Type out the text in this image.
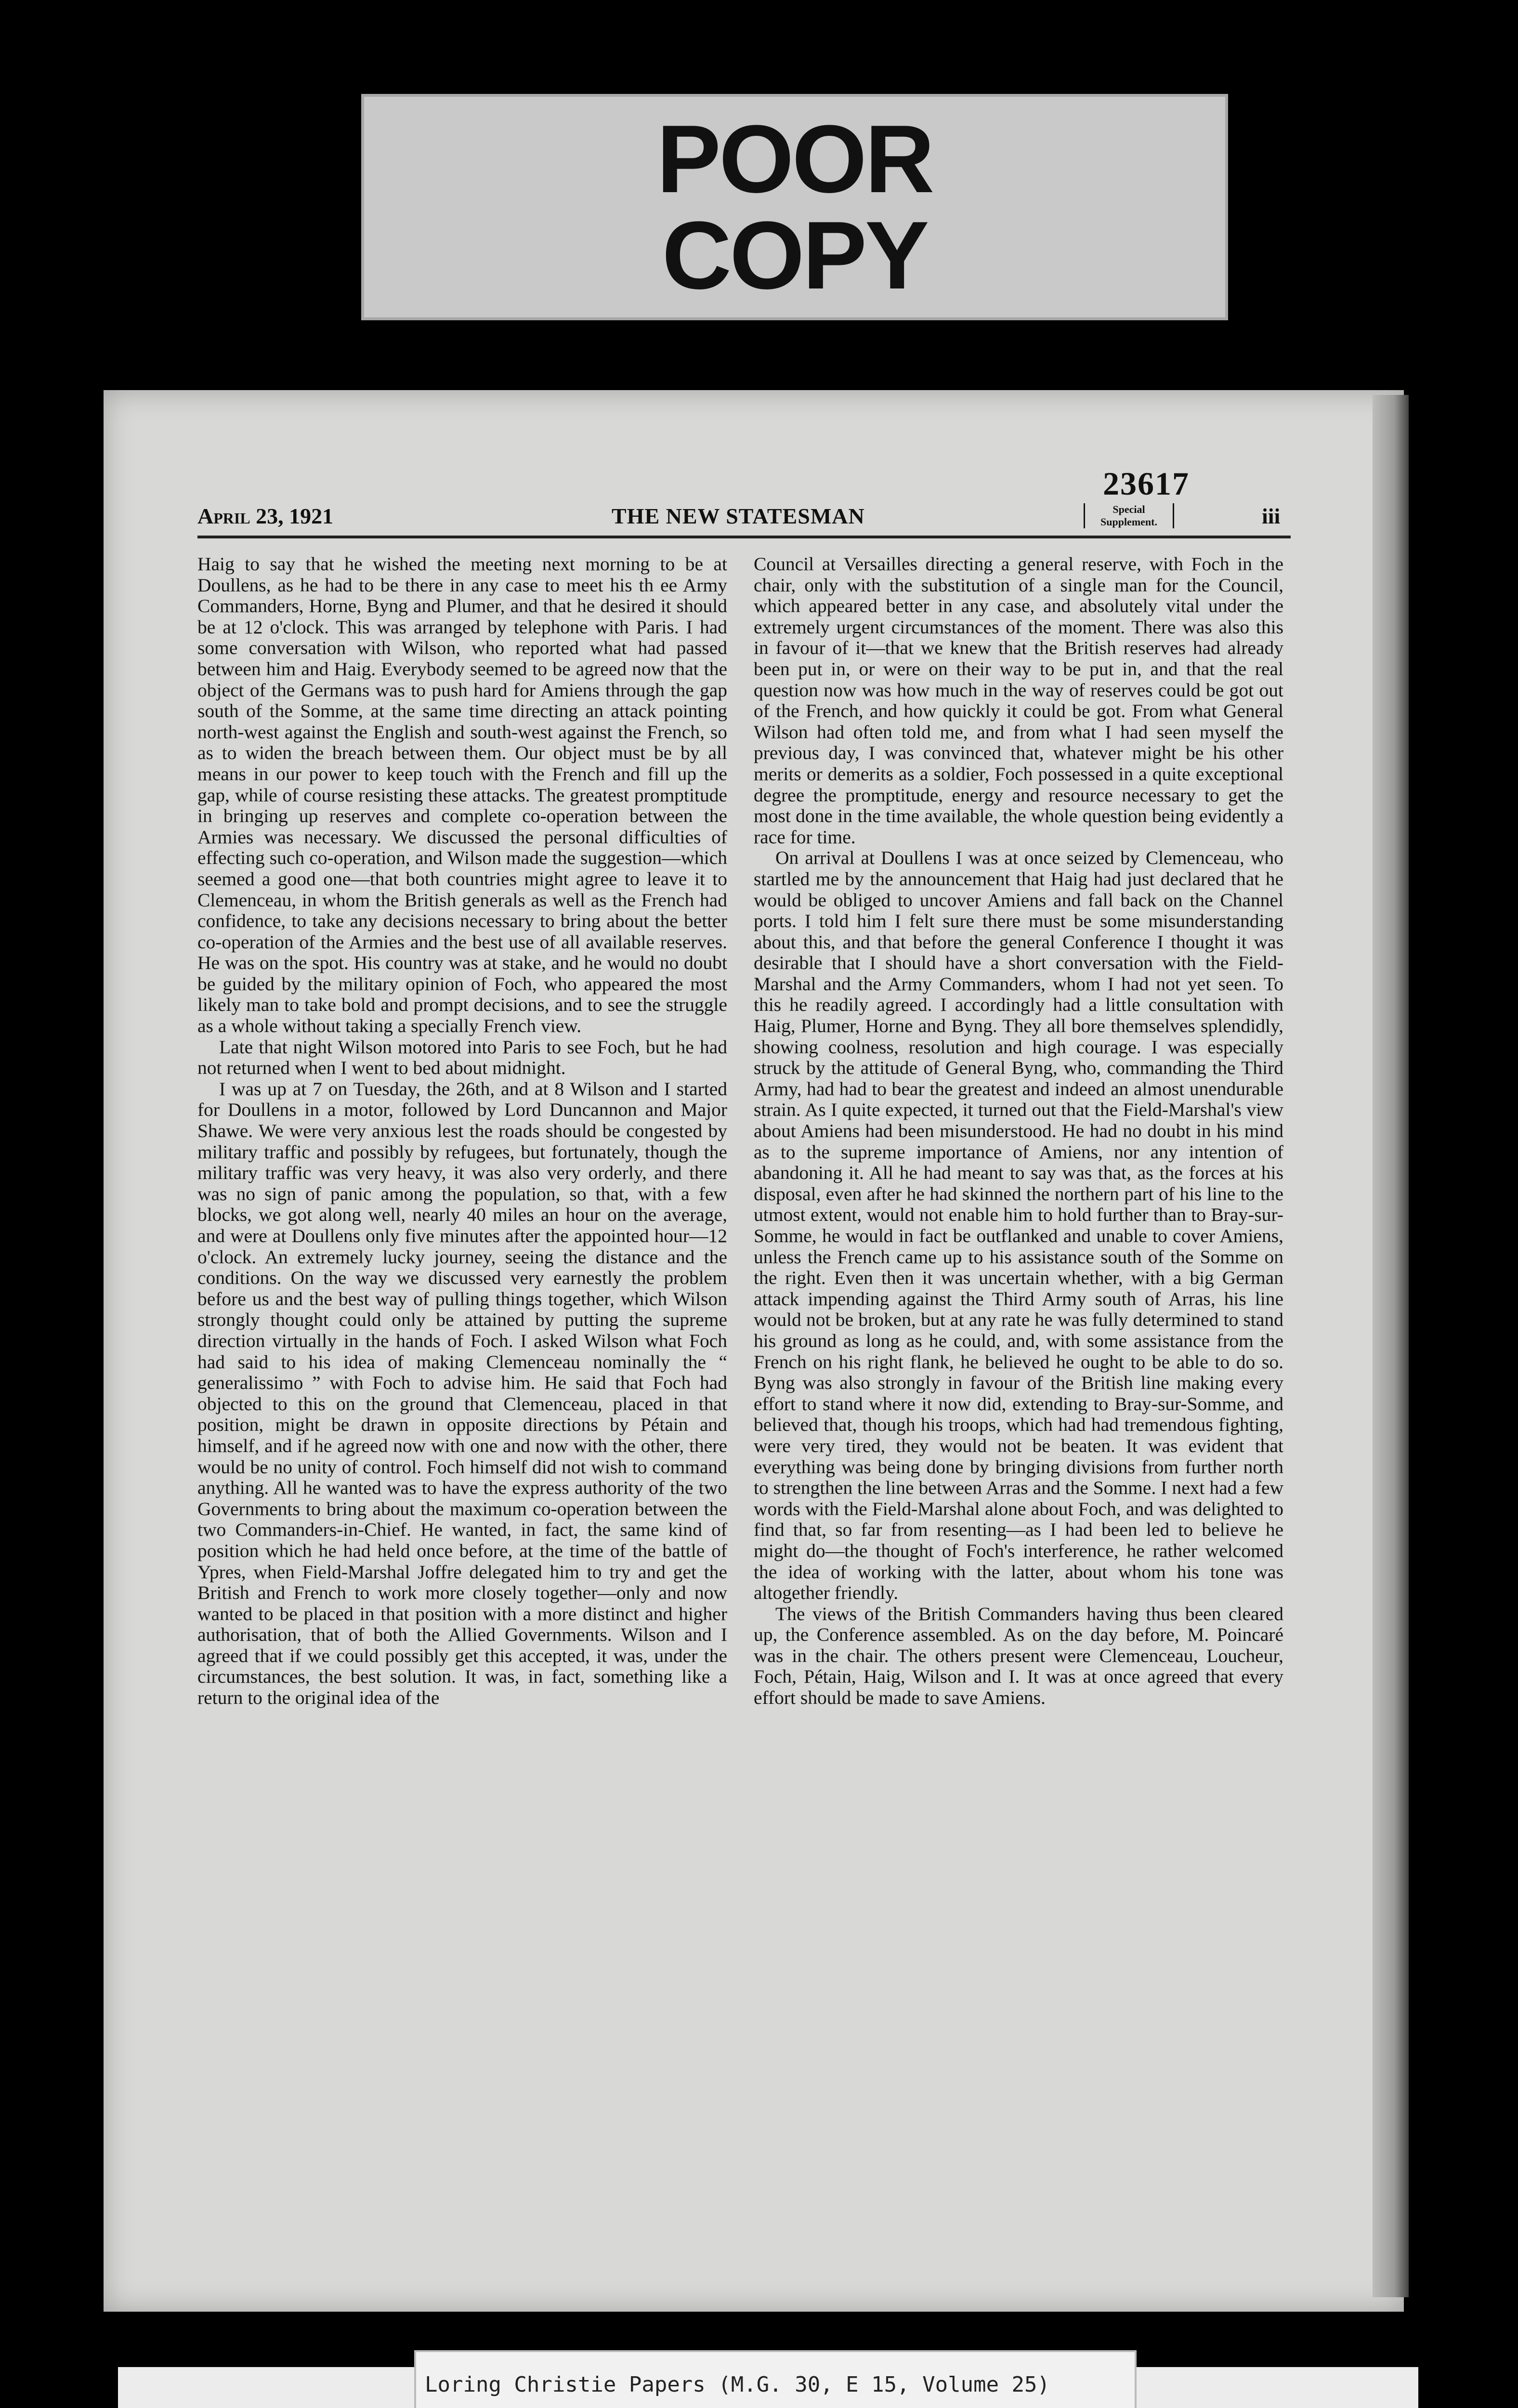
POOR
COPY
23617
April 23, 1921	THE NEW STATESMAN	Special
Supplement.	iii

Haig to say that he wished the meeting next morning to be at Doullens, as he had to be there in any case to meet his th ee Army Commanders, Horne, Byng and Plumer, and that he desired it should be at 12 o'clock. This was arranged by telephone with Paris. I had some conversation with Wilson, who reported what had passed between him and Haig. Everybody seemed to be agreed now that the object of the Germans was to push hard for Amiens through the gap south of the Somme, at the same time directing an attack pointing north-west against the English and south-west against the French, so as to widen the breach between them. Our object must be by all means in our power to keep touch with the French and fill up the gap, while of course resisting these attacks. The greatest promptitude in bringing up reserves and complete co-operation between the Armies was necessary. We discussed the personal difficulties of effecting such co-operation, and Wilson made the suggestion—which seemed a good one—that both countries might agree to leave it to Clemenceau, in whom the British generals as well as the French had confidence, to take any decisions necessary to bring about the better co-operation of the Armies and the best use of all available reserves. He was on the spot. His country was at stake, and he would no doubt be guided by the military opinion of Foch, who appeared the most likely man to take bold and prompt decisions, and to see the struggle as a whole without taking a specially French view.

Late that night Wilson motored into Paris to see Foch, but he had not returned when I went to bed about midnight.

I was up at 7 on Tuesday, the 26th, and at 8 Wilson and I started for Doullens in a motor, followed by Lord Duncannon and Major Shawe. We were very anxious lest the roads should be congested by military traffic and possibly by refugees, but fortunately, though the military traffic was very heavy, it was also very orderly, and there was no sign of panic among the population, so that, with a few blocks, we got along well, nearly 40 miles an hour on the average, and were at Doullens only five minutes after the appointed hour—12 o'clock. An extremely lucky journey, seeing the distance and the conditions. On the way we discussed very earnestly the problem before us and the best way of pulling things together, which Wilson strongly thought could only be attained by putting the supreme direction virtually in the hands of Foch. I asked Wilson what Foch had said to his idea of making Clemenceau nominally the “ generalissimo ” with Foch to advise him. He said that Foch had objected to this on the ground that Clemenceau, placed in that position, might be drawn in opposite directions by Pétain and himself, and if he agreed now with one and now with the other, there would be no unity of control. Foch himself did not wish to command anything. All he wanted was to have the express authority of the two Governments to bring about the maximum co-operation between the two Commanders-in-Chief. He wanted, in fact, the same kind of position which he had held once before, at the time of the battle of Ypres, when Field-Marshal Joffre delegated him to try and get the British and French to work more closely together—only and now wanted to be placed in that position with a more distinct and higher authorisation, that of both the Allied Governments. Wilson and I agreed that if we could possibly get this accepted, it was, under the circumstances, the best solution. It was, in fact, something like a return to the original idea of the

Council at Versailles directing a general reserve, with Foch in the chair, only with the substitution of a single man for the Council, which appeared better in any case, and absolutely vital under the extremely urgent circumstances of the moment. There was also this in favour of it—that we knew that the British reserves had already been put in, or were on their way to be put in, and that the real question now was how much in the way of reserves could be got out of the French, and how quickly it could be got. From what General Wilson had often told me, and from what I had seen myself the previous day, I was convinced that, whatever might be his other merits or demerits as a soldier, Foch possessed in a quite exceptional degree the promptitude, energy and resource necessary to get the most done in the time available, the whole question being evidently a race for time.

On arrival at Doullens I was at once seized by Clemenceau, who startled me by the announcement that Haig had just declared that he would be obliged to uncover Amiens and fall back on the Channel ports. I told him I felt sure there must be some misunderstanding about this, and that before the general Conference I thought it was desirable that I should have a short conversation with the Field-Marshal and the Army Commanders, whom I had not yet seen. To this he readily agreed. I accordingly had a little consultation with Haig, Plumer, Horne and Byng. They all bore themselves splendidly, showing coolness, resolution and high courage. I was especially struck by the attitude of General Byng, who, commanding the Third Army, had had to bear the greatest and indeed an almost unendurable strain. As I quite expected, it turned out that the Field-Marshal's view about Amiens had been misunderstood. He had no doubt in his mind as to the supreme importance of Amiens, nor any intention of abandoning it. All he had meant to say was that, as the forces at his disposal, even after he had skinned the northern part of his line to the utmost extent, would not enable him to hold further than to Bray-sur-Somme, he would in fact be outflanked and unable to cover Amiens, unless the French came up to his assistance south of the Somme on the right. Even then it was uncertain whether, with a big German attack impending against the Third Army south of Arras, his line would not be broken, but at any rate he was fully determined to stand his ground as long as he could, and, with some assistance from the French on his right flank, he believed he ought to be able to do so. Byng was also strongly in favour of the British line making every effort to stand where it now did, extending to Bray-sur-Somme, and believed that, though his troops, which had had tremendous fighting, were very tired, they would not be beaten. It was evident that everything was being done by bringing divisions from further north to strengthen the line between Arras and the Somme. I next had a few words with the Field-Marshal alone about Foch, and was delighted to find that, so far from resenting—as I had been led to believe he might do—the thought of Foch's interference, he rather welcomed the idea of working with the latter, about whom his tone was altogether friendly.

The views of the British Commanders having thus been cleared up, the Conference assembled. As on the day before, M. Poincaré was in the chair. The others present were Clemenceau, Loucheur, Foch, Pétain, Haig, Wilson and I. It was at once agreed that every effort should be made to save Amiens.

Loring Christie Papers (M.G. 30, E 15, Volume 25)
